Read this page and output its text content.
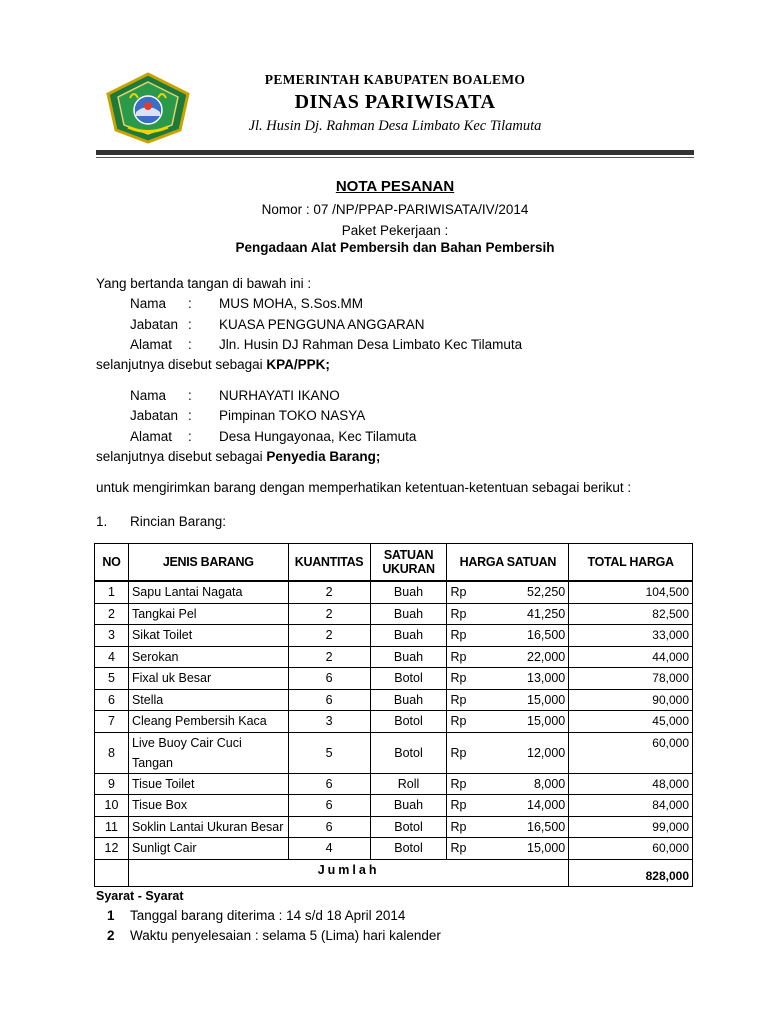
PEMERINTAH KABUPATEN BOALEMO
DINAS PARIWISATA
Jl. Husin Dj. Rahman Desa Limbato Kec Tilamuta
NOTA PESANAN
Nomor : 07 /NP/PPAP-PARIWISATA/IV/2014
Paket Pekerjaan :
Pengadaan Alat Pembersih dan Bahan Pembersih
Yang bertanda tangan di bawah ini :
Nama : MUS MOHA, S.Sos.MM
Jabatan : KUASA PENGGUNA ANGGARAN
Alamat : Jln. Husin DJ Rahman Desa Limbato Kec Tilamuta
selanjutnya disebut sebagai KPA/PPK;
Nama : NURHAYATI IKANO
Jabatan : Pimpinan TOKO NASYA
Alamat : Desa Hungayonaa, Kec Tilamuta
selanjutnya disebut sebagai Penyedia Barang;
untuk mengirimkan barang dengan memperhatikan ketentuan-ketentuan sebagai berikut :
1. Rincian Barang:
NO	JENIS BARANG	KUANTITAS	SATUAN UKURAN	HARGA SATUAN		TOTAL HARGA
1	Sapu Lantai Nagata	2	Buah	Rp	52,250	104,500
2	Tangkai Pel	2	Buah	Rp	41,250	82,500
3	Sikat Toilet	2	Buah	Rp	16,500	33,000
4	Serokan	2	Buah	Rp	22,000	44,000
5	Fixal uk Besar	6	Botol	Rp	13,000	78,000
6	Stella	6	Buah	Rp	15,000	90,000
7	Cleang Pembersih Kaca	3	Botol	Rp	15,000	45,000
8	Live Buoy Cair Cuci Tangan	5	Botol	Rp	12,000	60,000
9	Tisue Toilet	6	Roll	Rp	8,000	48,000
10	Tisue Box	6	Buah	Rp	14,000	84,000
11	Soklin Lantai Ukuran Besar	6	Botol	Rp	16,500	99,000
12	Sunligt Cair	4	Botol	Rp	15,000	60,000
	Jumlah					828,000
Syarat - Syarat
1 Tanggal barang diterima : 14 s/d 18 April 2014
2 Waktu penyelesaian : selama 5 (Lima) hari kalender
